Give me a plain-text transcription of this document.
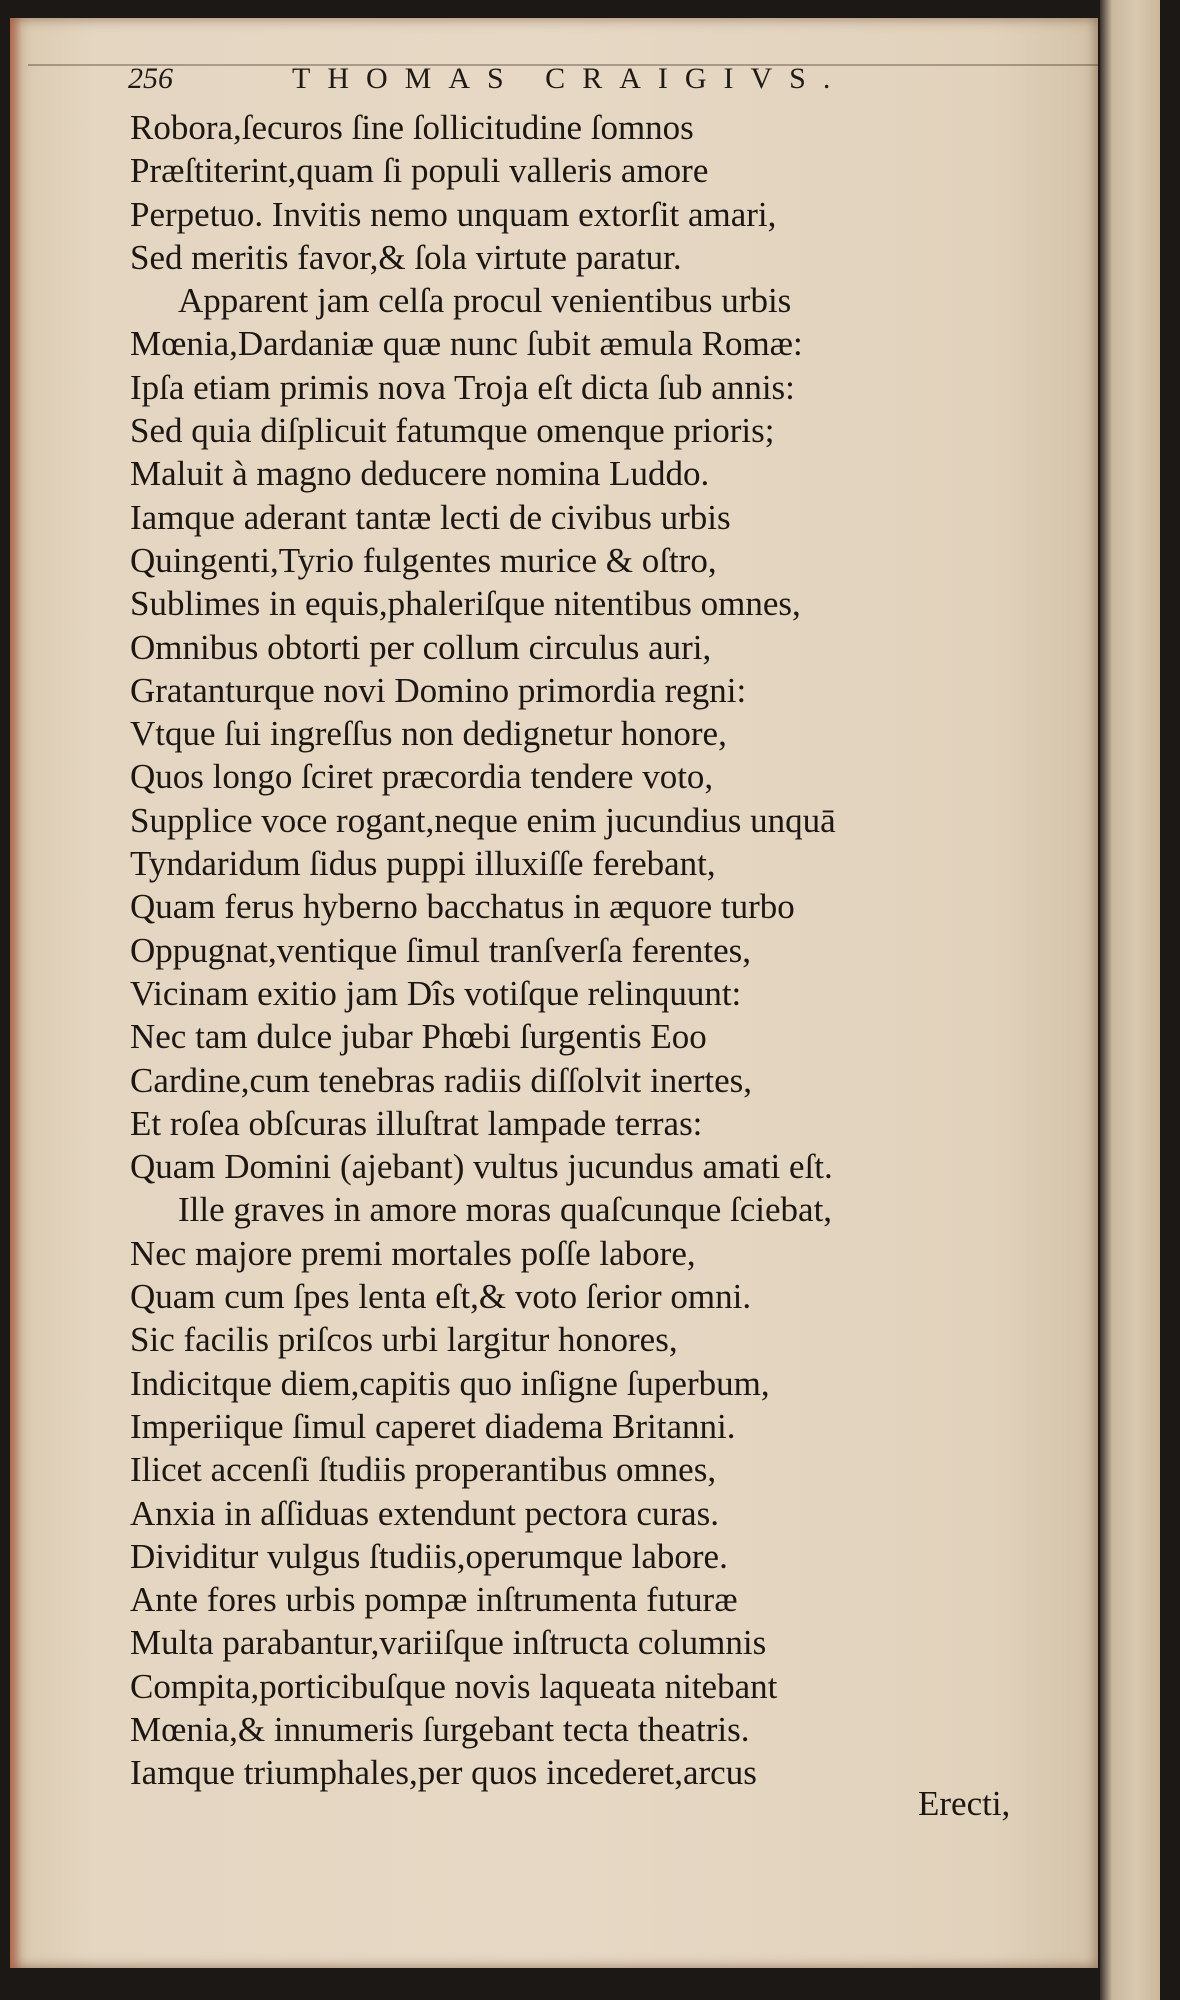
256	THOMAS CRAIGIVS.
Robora,ſecuros ſine ſollicitudine ſomnos
Præſtiterint,quam ſi populi valleris amore
Perpetuo. Invitis nemo unquam extorſit amari,
Sed meritis favor,& ſola virtute paratur.
Apparent jam celſa procul venientibus urbis
Mœnia,Dardaniæ quæ nunc ſubit æmula Romæ:
Ipſa etiam primis nova Troja eſt dicta ſub annis:
Sed quia diſplicuit fatumque omenque prioris;
Maluit à magno deducere nomina Luddo.
Iamque aderant tantæ lecti de civibus urbis
Quingenti,Tyrio fulgentes murice & oſtro,
Sublimes in equis,phaleriſque nitentibus omnes,
Omnibus obtorti per collum circulus auri,
Gratanturque novi Domino primordia regni:
Vtque ſui ingreſſus non dedignetur honore,
Quos longo ſciret præcordia tendere voto,
Supplice voce rogant,neque enim jucundius unquā
Tyndaridum ſidus puppi illuxiſſe ferebant,
Quam ferus hyberno bacchatus in æquore turbo
Oppugnat,ventique ſimul tranſverſa ferentes,
Vicinam exitio jam Dîs votiſque relinquunt:
Nec tam dulce jubar Phœbi ſurgentis Eoo
Cardine,cum tenebras radiis diſſolvit inertes,
Et roſea obſcuras illuſtrat lampade terras:
Quam Domini (ajebant) vultus jucundus amati eſt.
Ille graves in amore moras quaſcunque ſciebat,
Nec majore premi mortales poſſe labore,
Quam cum ſpes lenta eſt,& voto ſerior omni.
Sic facilis priſcos urbi largitur honores,
Indicitque diem,capitis quo inſigne ſuperbum,
Imperiique ſimul caperet diadema Britanni.
Ilicet accenſi ſtudiis properantibus omnes,
Anxia in aſſiduas extendunt pectora curas.
Dividitur vulgus ſtudiis,operumque labore.
Ante fores urbis pompæ inſtrumenta futuræ
Multa parabantur,variiſque inſtructa columnis
Compita,porticibuſque novis laqueata nitebant
Mœnia,& innumeris ſurgebant tecta theatris.
Iamque triumphales,per quos incederet,arcus
Erecti,
